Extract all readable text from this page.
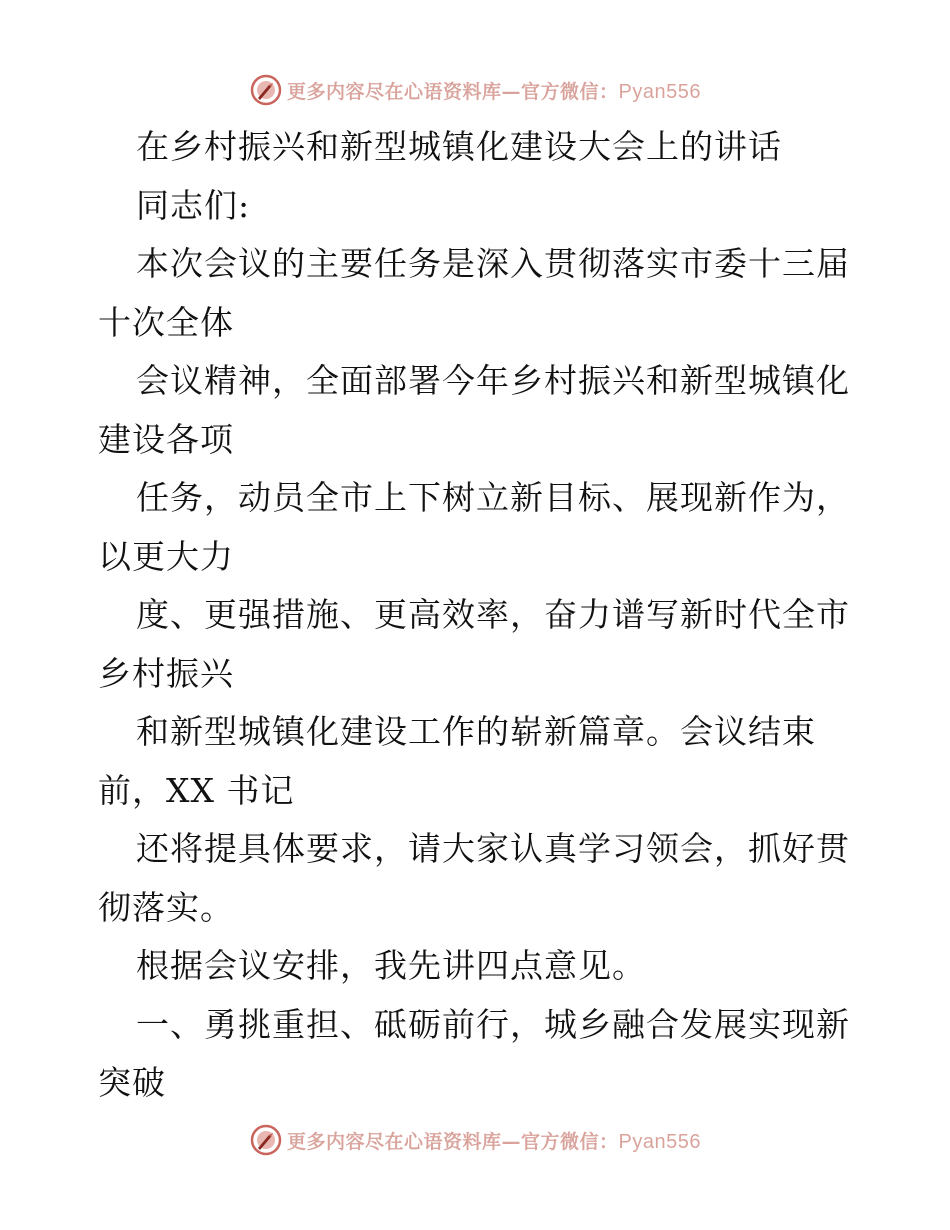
更多内容尽在心语资料库—官方微信：Pyan556
在乡村振兴和新型城镇化建设大会上的讲话
同志们:
本次会议的主要任务是深入贯彻落实市委十三届
十次全体
会议精神，全面部署今年乡村振兴和新型城镇化
建设各项
任务，动员全市上下树立新目标、展现新作为，
以更大力
度、更强措施、更高效率，奋力谱写新时代全市
乡村振兴
和新型城镇化建设工作的崭新篇章。会议结束
前，XX 书记
还将提具体要求，请大家认真学习领会，抓好贯
彻落实。
根据会议安排，我先讲四点意见。
一、勇挑重担、砥砺前行，城乡融合发展实现新
突破
更多内容尽在心语资料库—官方微信：Pyan556
